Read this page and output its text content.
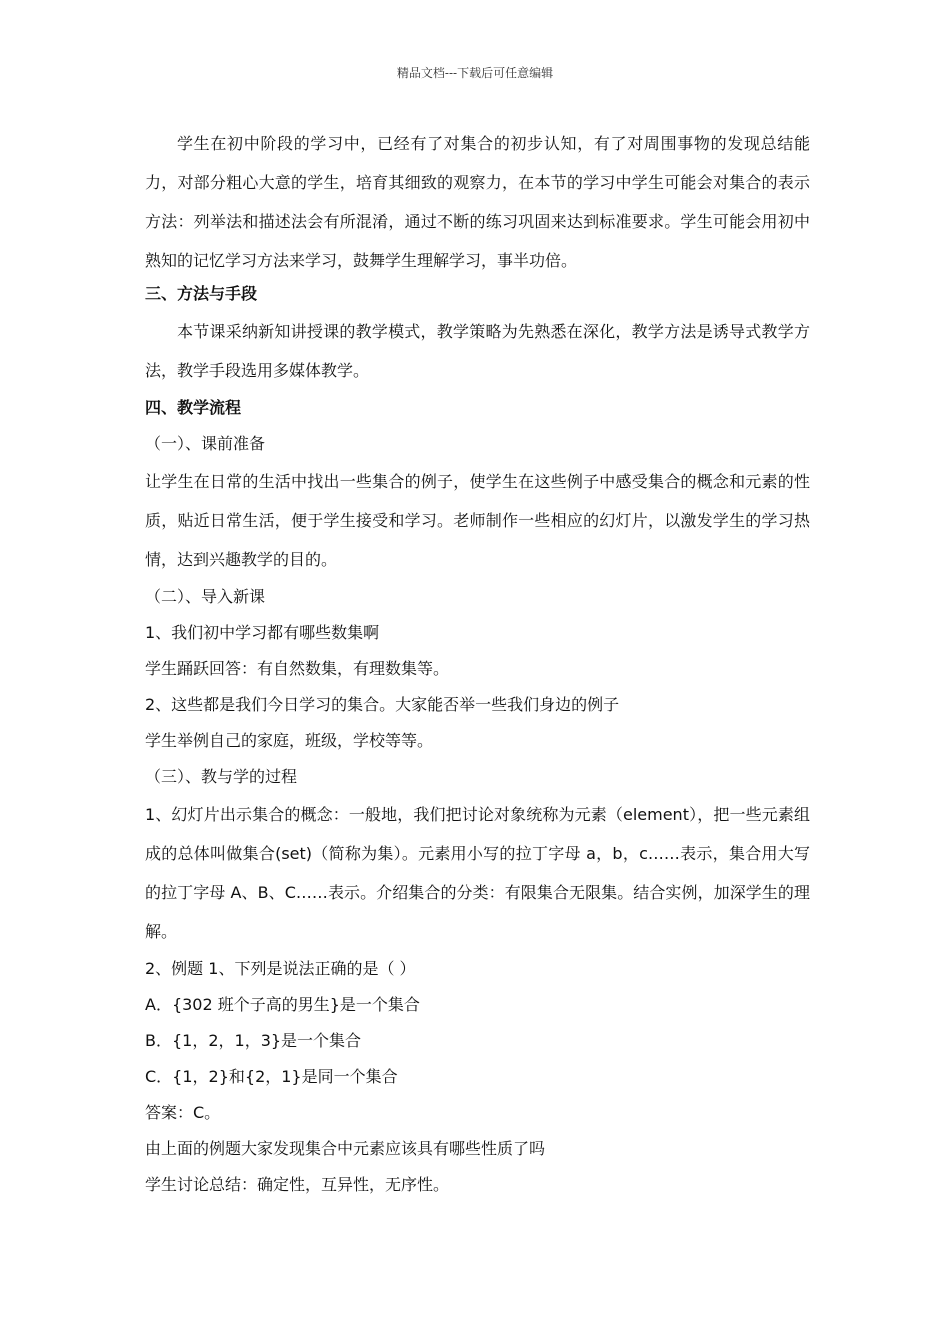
精品文档---下载后可任意编辑

学生在初中阶段的学习中，已经有了对集合的初步认知，有了对周围事物的发现总结能力，对部分粗心大意的学生，培育其细致的观察力，在本节的学习中学生可能会对集合的表示方法：列举法和描述法会有所混淆，通过不断的练习巩固来达到标准要求。学生可能会用初中熟知的记忆学习方法来学习，鼓舞学生理解学习，事半功倍。

三、方法与手段

本节课采纳新知讲授课的教学模式，教学策略为先熟悉在深化，教学方法是诱导式教学方法，教学手段选用多媒体教学。

四、教学流程

（一）、课前准备

让学生在日常的生活中找出一些集合的例子，使学生在这些例子中感受集合的概念和元素的性质，贴近日常生活，便于学生接受和学习。老师制作一些相应的幻灯片，以激发学生的学习热情，达到兴趣教学的目的。

（二）、导入新课

1、我们初中学习都有哪些数集啊

学生踊跃回答：有自然数集，有理数集等。

2、这些都是我们今日学习的集合。大家能否举一些我们身边的例子

学生举例自己的家庭，班级，学校等等。

（三）、教与学的过程

1、幻灯片出示集合的概念：一般地，我们把讨论对象统称为元素（element），把一些元素组成的总体叫做集合(set)（简称为集）。元素用小写的拉丁字母 a，b，c……表示，集合用大写的拉丁字母 A、B、C……表示。介绍集合的分类：有限集合无限集。结合实例，加深学生的理解。

2、例题 1、下列是说法正确的是（ ）

A．{302 班个子高的男生}是一个集合

B．{1，2，1，3}是一个集合

C．{1，2}和{2，1}是同一个集合

答案：C。

由上面的例题大家发现集合中元素应该具有哪些性质了吗

学生讨论总结：确定性，互异性，无序性。
